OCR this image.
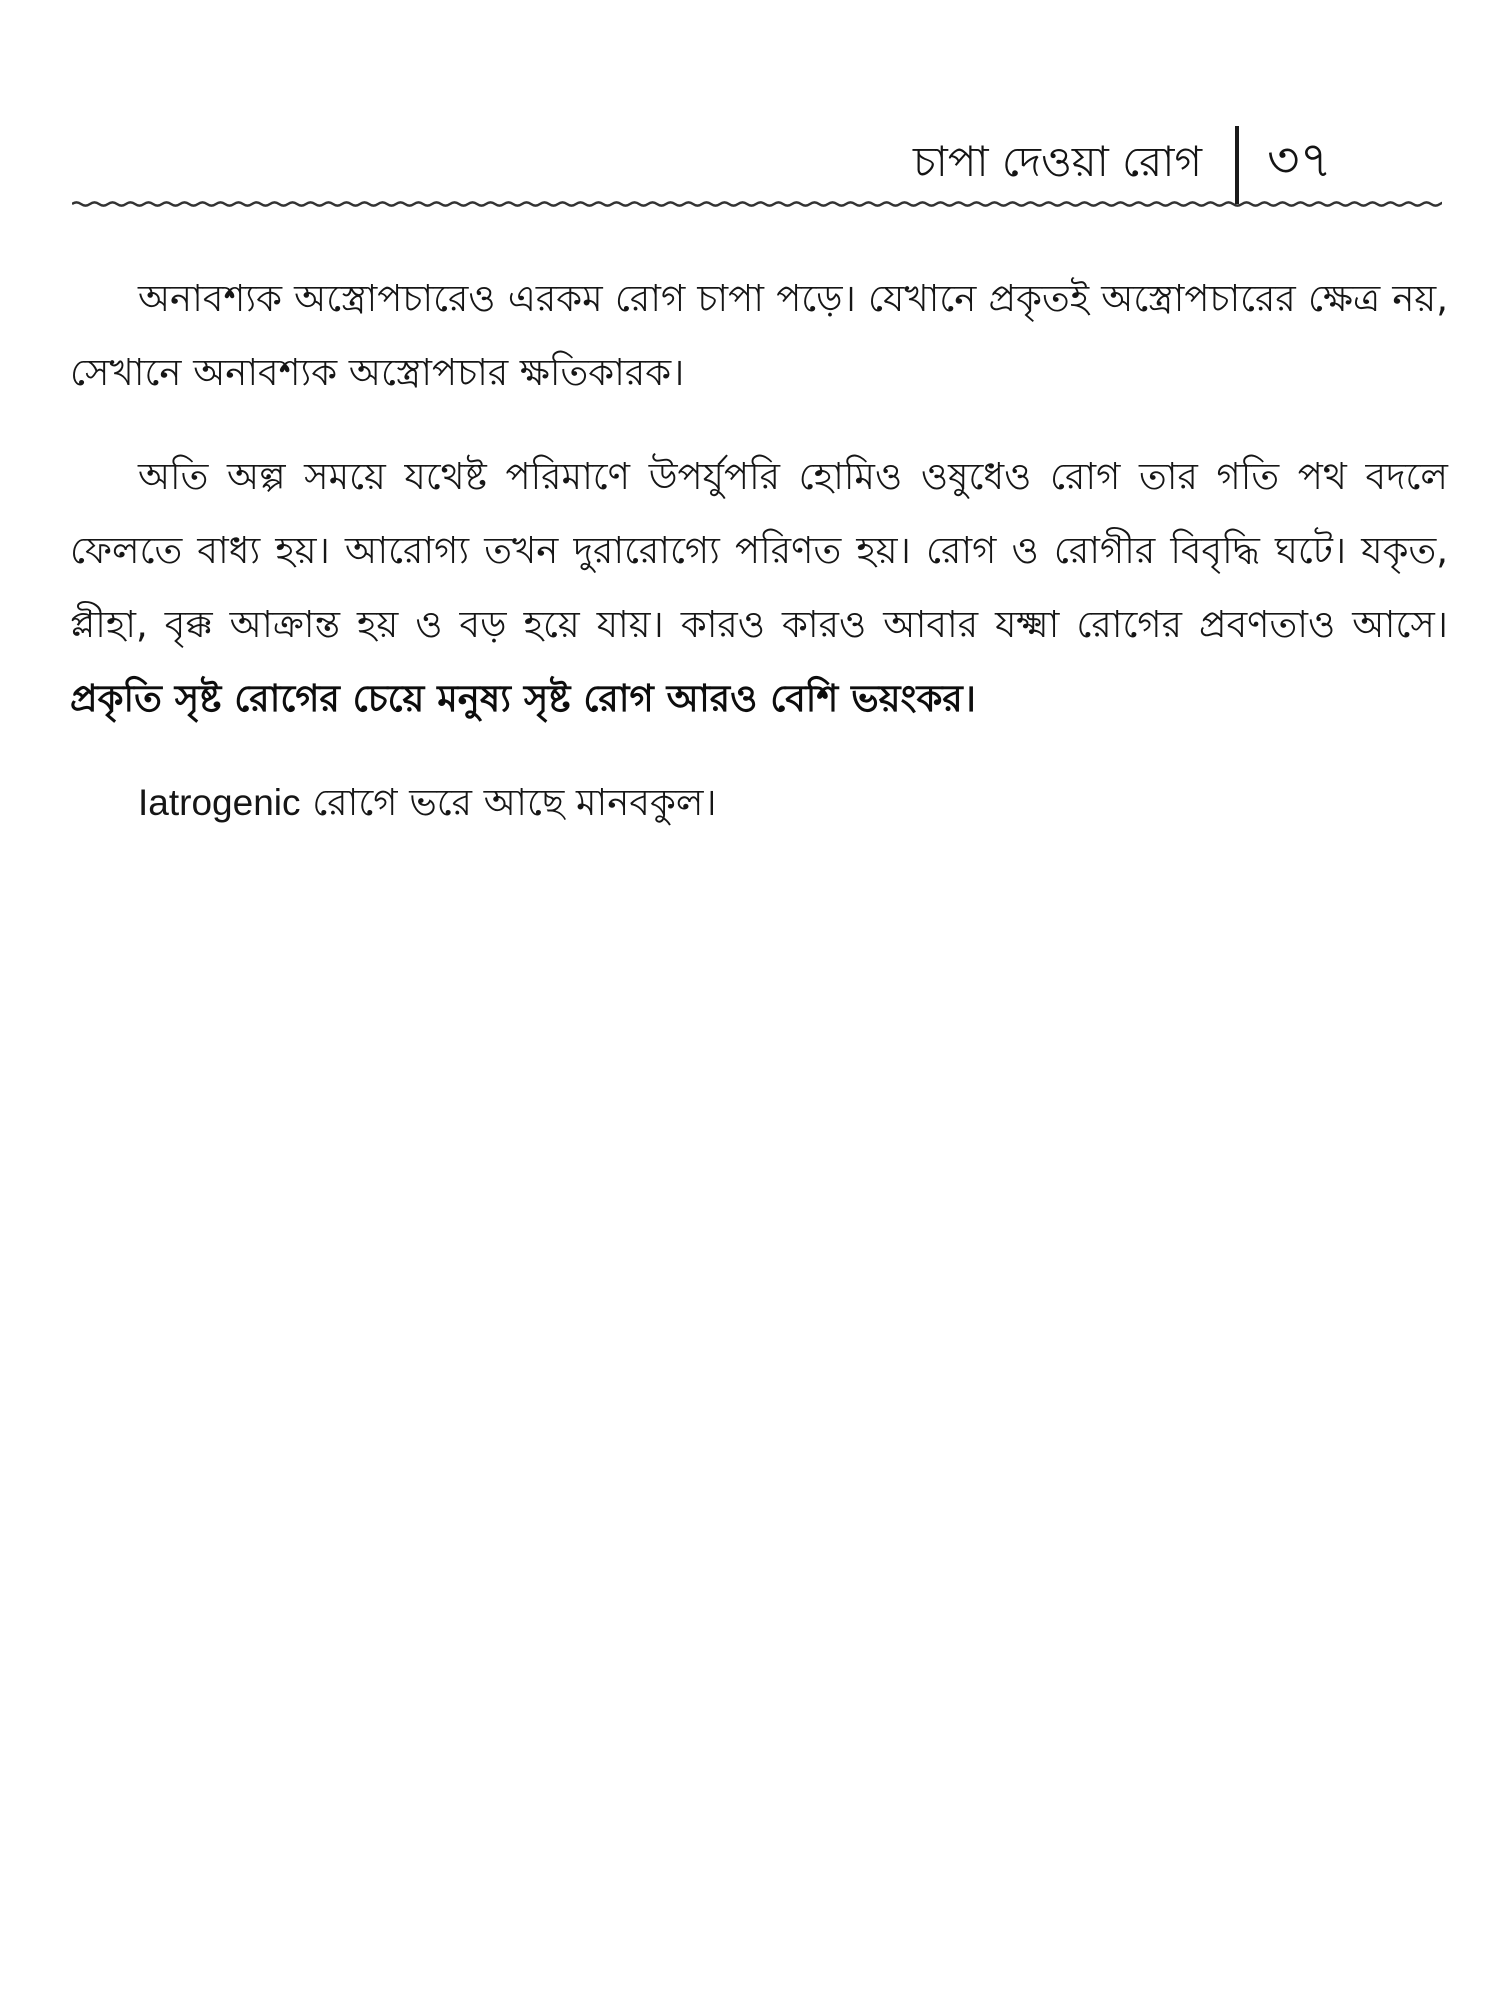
চাপা দেওয়া রোগ ৩৭

অনাবশ্যক অস্ত্রোপচারেও এরকম রোগ চাপা পড়ে। যেখানে প্রকৃতই অস্ত্রোপচারের ক্ষেত্র নয়, সেখানে অনাবশ্যক অস্ত্রোপচার ক্ষতিকারক।

অতি অল্প সময়ে যথেষ্ট পরিমাণে উপর্যুপরি হোমিও ওষুধেও রোগ তার গতি পথ বদলে ফেলতে বাধ্য হয়। আরোগ্য তখন দুরারোগ্যে পরিণত হয়। রোগ ও রোগীর বিবৃদ্ধি ঘটে। যকৃত, প্লীহা, বৃক্ক আক্রান্ত হয় ও বড় হয়ে যায়। কারও কারও আবার যক্ষ্মা রোগের প্রবণতাও আসে। প্রকৃতি সৃষ্ট রোগের চেয়ে মনুষ্য সৃষ্ট রোগ আরও বেশি ভয়ংকর।

Iatrogenic রোগে ভরে আছে মানবকুল।
